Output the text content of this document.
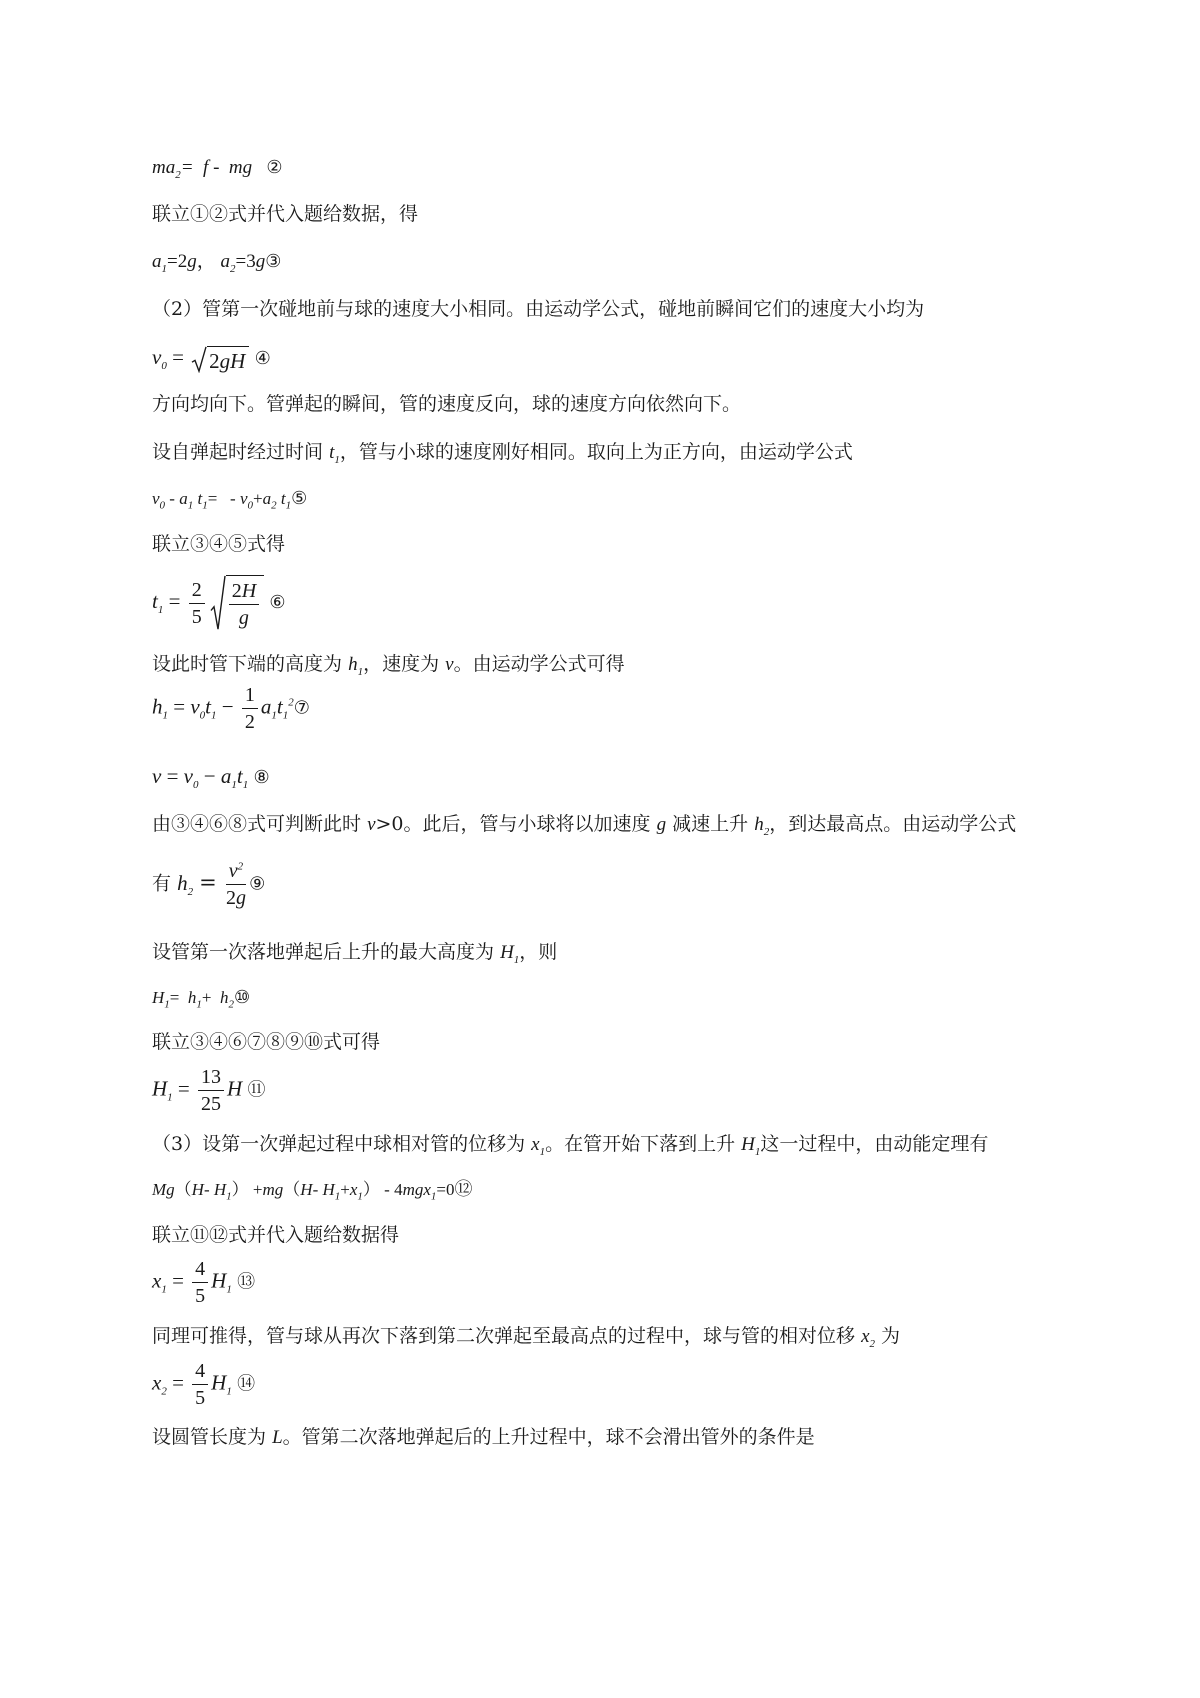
$ma_2= f$ -  mg   ②
联立①②式并代入题给数据，得
$a_1=2g$， $a_2=3g③$
（2）管第一次碰地前与球的速度大小相同。由运动学公式，碰地前瞬间它们的速度大小均为
$v_0 = 2gH$ ④
方向均向下。管弹起的瞬间，管的速度反向，球的速度方向依然向下。
设自弹起时经过时间 $t_1$，管与小球的速度刚好相同。取向上为正方向，由运动学公式
$v_0 - a_1$ $t_1= - v_0+a_2$ $t_1⑤$
联立③④⑤式得
$t_1 = \frac{2}{5} \frac{2H}{g}$ ⑥
设此时管下端的高度为 $h_1$，速度为 v。由运动学公式可得
$h_1 = v_0t_1 - \frac{1}{2}$ $a_1t_1^2⑦$
$v = v_0 - a_1t_1$ ⑧
由③④⑥⑧式可判断此时 v>0。此后，管与小球将以加速度 g 减速上升 $h_2$，到达最高点。由运动学公式
有 $h_2 = \frac{v^2}{2g}$ ⑨
设管第一次落地弹起后上升的最大高度为 $H_1$，则
$H_1= h_1+$  $h_2⑩$
联立③④⑥⑦⑧⑨⑩式可得
$H_1 = \frac{13}{25}$ H ⑪
（3）设第一次弹起过程中球相对管的位移为 $x_1$。在管开始下落到上升 $H_1$这一过程中，由动能定理有
Mg（H- $H_1) +mg(H-$ $H_1+x_1$） - 4mgx$_1$=0⑫
联立⑪⑫式并代入题给数据得
$x_1 = \frac{4}{5} H_1$ ⑬
同理可推得，管与球从再次下落到第二次弹起至最高点的过程中，球与管的相对位移 $x_2$ 为
$x_2 = \frac{4}{5} H_1$ ⑭
设圆管长度为 L。管第二次落地弹起后的上升过程中，球不会滑出管外的条件是
